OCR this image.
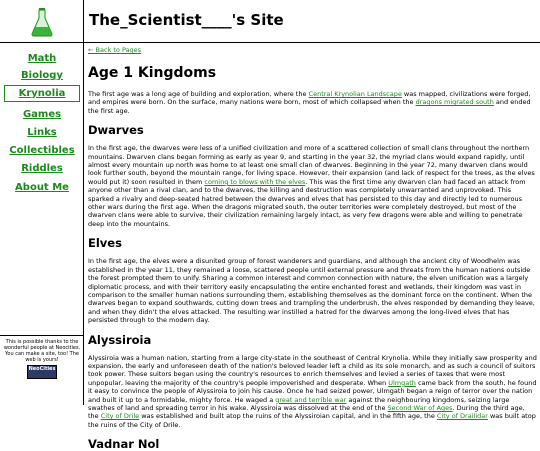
The_Scientist____'s Site
Math
Biology
Krynolia
Games
Links
Collectibles
Riddles
About Me
This is possible thanks to the wonderful people at Neocities. You can make a site, too! The web is yours!
NeoCities
← Back to Pages
Age 1 Kingdoms

The first age was a long age of building and exploration, where the Central Krynolian Landscape was mapped, civilizations were forged, and empires were born. On the surface, many nations were born, most of which collapsed when the dragons migrated south and ended the first age.

Dwarves

In the first age, the dwarves were less of a unified civilization and more of a scattered collection of small clans throughout the northern mountains. Dwarven clans began forming as early as year 9, and starting in the year 32, the myriad clans would expand rapidly, until almost every mountain up north was home to at least one small clan of dwarves. Beginning in the year 72, many dwarven clans would look further south, beyond the mountain range, for living space. However, their expansion (and lack of respect for the trees, as the elves would put it) soon resulted in them coming to blows with the elves. This was the first time any dwarven clan had faced an attack from anyone other than a rival clan, and to the dwarves, the killing and destruction was completely unwarranted and unprovoked. This sparked a rivalry and deep-seated hatred between the dwarves and elves that has persisted to this day and directly led to numerous other wars during the first age. When the dragons migrated south, the outer territories were completely destroyed, but most of the dwarven clans were able to survive, their civilization remaining largely intact, as very few dragons were able and willing to penetrate deep into the mountains.

Elves

In the first age, the elves were a disunited group of forest wanderers and guardians, and although the ancient city of Woodhelm was established in the year 11, they remained a loose, scattered people until external pressure and threats from the human nations outside the forest prompted them to unify. Sharing a common interest and common connection with nature, the elven unification was a largely diplomatic process, and with their territory easily encapsulating the entire enchanted forest and wetlands, their kingdom was vast in comparison to the smaller human nations surrounding them, establishing themselves as the dominant force on the continent. When the dwarves began to expand southwards, cutting down trees and trampling the underbrush, the elves responded by demanding they leave, and when they didn't the elves attacked. The resulting war instilled a hatred for the dwarves among the long-lived elves that has persisted through to the modern day.

Alyssiroia

Alyssiroia was a human nation, starting from a large city-state in the southeast of Central Krynolia. While they initially saw prosperity and expansion, the early and unforeseen death of the nation's beloved leader left a child as its sole monarch, and as such a council of suitors took power. These suitors began using the country's resources to enrich themselves and levied a series of taxes that were most unpopular, leaving the majority of the country's people impoverished and desperate. When Ulmgath came back from the south, he found it easy to convince the people of Alyssiroia to join his cause. Once he had seized power, Ulmgath began a reign of terror over the nation and built it up to a formidable, mighty force. He waged a great and terrible war against the neighbouring kingdoms, seizing large swathes of land and spreading terror in his wake. Alyssiroia was dissolved at the end of the Second War of Ages. During the third age, the City of Drile was established and built atop the ruins of the Alyssiroian capital, and in the fifth age, the City of Drailidar was built atop the ruins of the City of Drile.

Vadnar Nol
